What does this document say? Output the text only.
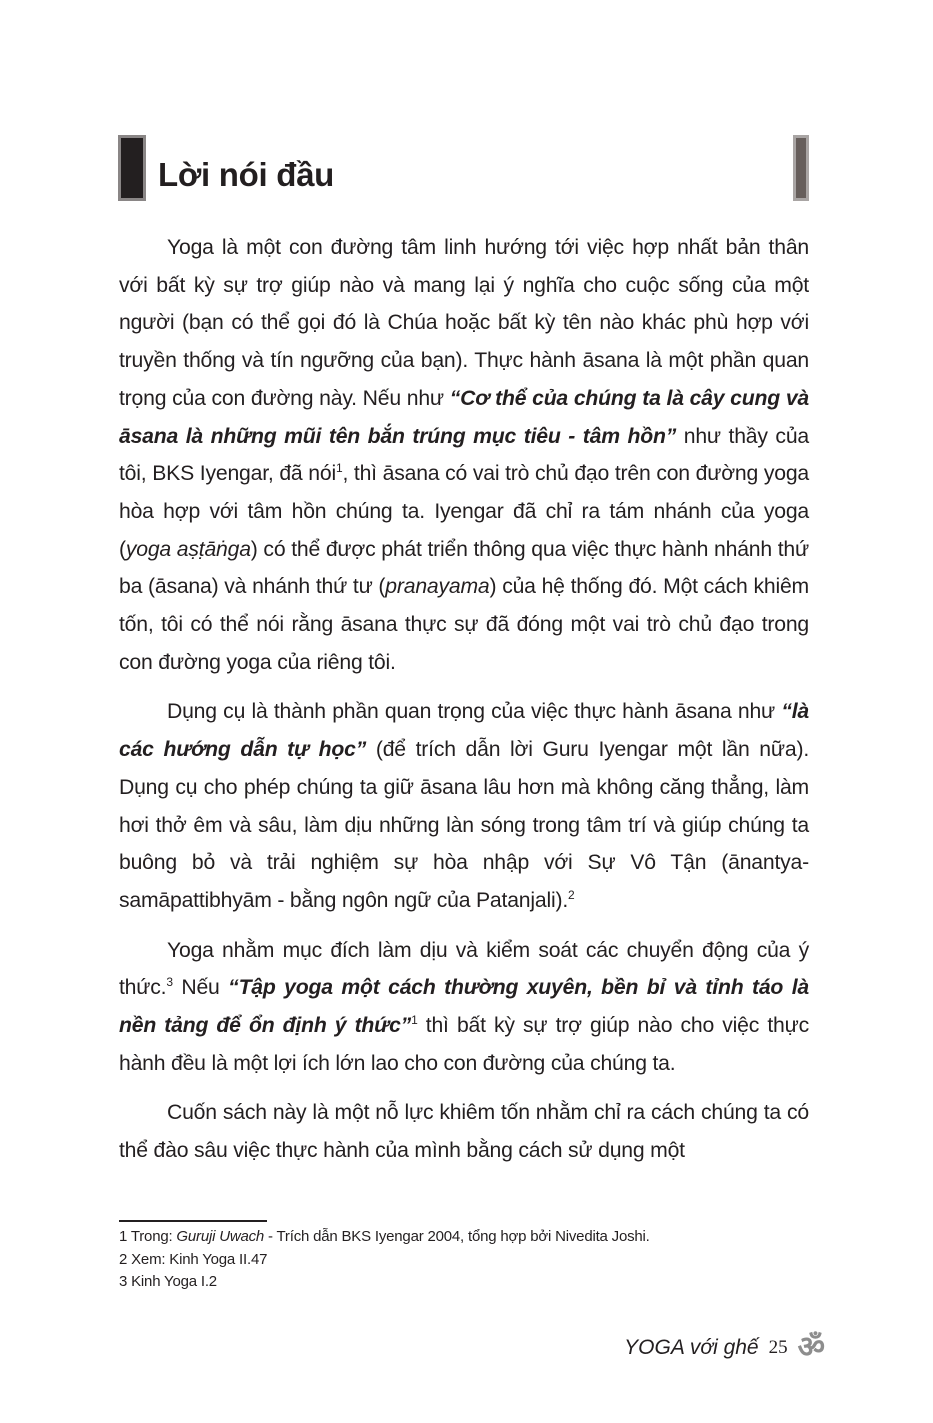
Lời nói đầu

Yoga là một con đường tâm linh hướng tới việc hợp nhất bản thân với bất kỳ sự trợ giúp nào và mang lại ý nghĩa cho cuộc sống của một người (bạn có thể gọi đó là Chúa hoặc bất kỳ tên nào khác phù hợp với truyền thống và tín ngưỡng của bạn). Thực hành āsana là một phần quan trọng của con đường này. Nếu như “Cơ thể của chúng ta là cây cung và āsana là những mũi tên bắn trúng mục tiêu - tâm hồn” như thầy của tôi, BKS Iyengar, đã nói$^1$, thì āsana có vai trò chủ đạo trên con đường yoga hòa hợp với tâm hồn chúng ta. Iyengar đã chỉ ra tám nhánh của yoga (yoga aṣṭāṅga) có thể được phát triển thông qua việc thực hành nhánh thứ ba (āsana) và nhánh thứ tư (pranayama) của hệ thống đó. Một cách khiêm tốn, tôi có thể nói rằng āsana thực sự đã đóng một vai trò chủ đạo trong con đường yoga của riêng tôi.

Dụng cụ là thành phần quan trọng của việc thực hành āsana như “là các hướng dẫn tự học” (để trích dẫn lời Guru Iyengar một lần nữa). Dụng cụ cho phép chúng ta giữ āsana lâu hơn mà không căng thẳng, làm hơi thở êm và sâu, làm dịu những làn sóng trong tâm trí và giúp chúng ta buông bỏ và trải nghiệm sự hòa nhập với Sự Vô Tận (ānantya-samāpattibhyām - bằng ngôn ngữ của Patanjali).$^2$

Yoga nhằm mục đích làm dịu và kiểm soát các chuyển động của ý thức.$^3$ Nếu “Tập yoga một cách thường xuyên, bền bỉ và tỉnh táo là nền tảng để ổn định ý thức”$^1$ thì bất kỳ sự trợ giúp nào cho việc thực hành đều là một lợi ích lớn lao cho con đường của chúng ta.

Cuốn sách này là một nỗ lực khiêm tốn nhằm chỉ ra cách chúng ta có thể đào sâu việc thực hành của mình bằng cách sử dụng một

1 Trong: Guruji Uwach - Trích dẫn BKS Iyengar 2004, tổng hợp bởi Nivedita Joshi.
2 Xem: Kinh Yoga II.47
3 Kinh Yoga I.2
YOGA với ghế 25 ॐ
